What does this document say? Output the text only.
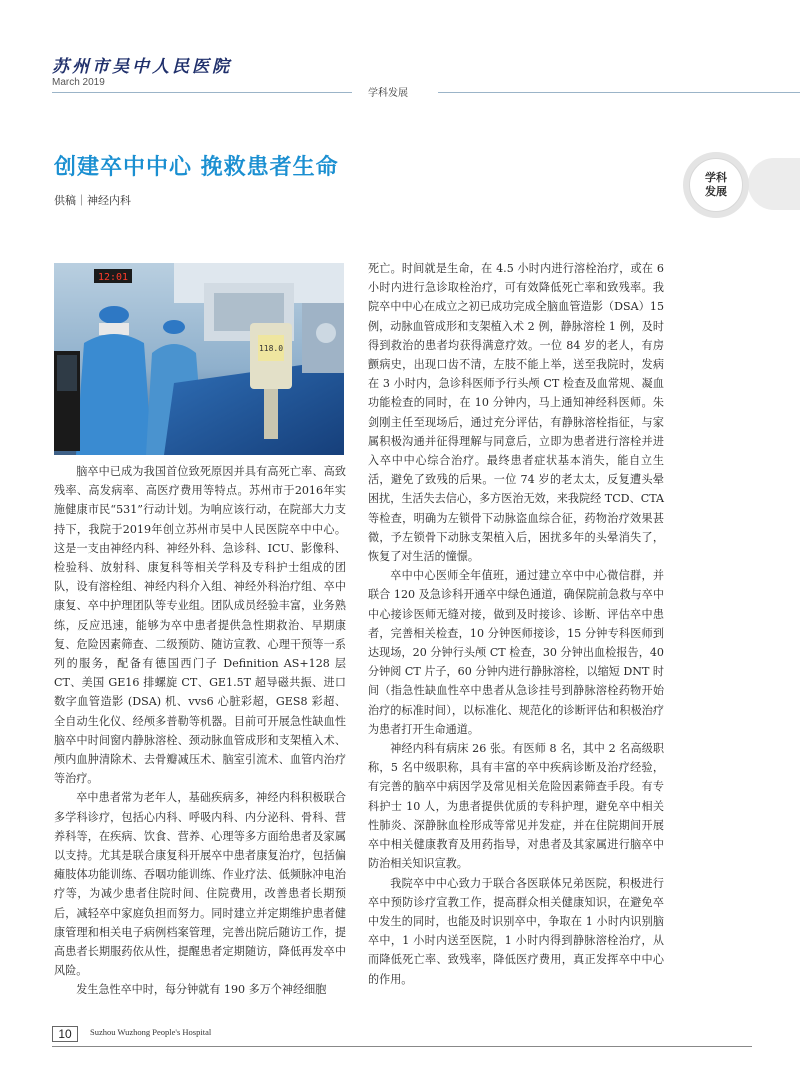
苏州市吴中人民医院
March 2019
学科发展
学科
发展
创建卒中中心 挽救患者生命
供稿｜神经内科
12:01
118.0

脑卒中已成为我国首位致死原因并具有高死亡率、高致残率、高发病率、高医疗费用等特点。苏州市于2016年实施健康市民“531”行动计划。为响应该行动，在院部大力支持下，我院于2019年创立苏州市吴中人民医院卒中中心。这是一支由神经内科、神经外科、急诊科、ICU、影像科、检验科、放射科、康复科等相关学科及专科护士组成的团队，设有溶栓组、神经内科介入组、神经外科治疗组、卒中康复、卒中护理团队等专业组。团队成员经验丰富，业务熟练，反应迅速，能够为卒中患者提供急性期救治、早期康复、危险因素筛查、二级预防、随访宣教、心理干预等一系列的服务，配备有德国西门子 Definition AS+128 层 CT、美国 GE16 排螺旋 CT、GE1.5T 超导磁共振、进口数字血管造影 (DSA) 机、vvs6 心脏彩超，GES8 彩超、全自动生化仪、经颅多普勒等机器。目前可开展急性缺血性脑卒中时间窗内静脉溶栓、颈动脉血管成形和支架植入术、颅内血肿清除术、去骨瓣减压术、脑室引流术、血管内治疗等治疗。

卒中患者常为老年人，基础疾病多，神经内科积极联合多学科诊疗，包括心内科、呼吸内科、内分泌科、骨科、营养科等，在疾病、饮食、营养、心理等多方面给患者及家属以支持。尤其是联合康复科开展卒中患者康复治疗，包括偏瘫肢体功能训练、吞咽功能训练、作业疗法、低频脉冲电治疗等，为减少患者住院时间、住院费用，改善患者长期预后，减轻卒中家庭负担而努力。同时建立并定期维护患者健康管理和相关电子病例档案管理，完善出院后随访工作，提高患者长期服药依从性，提醒患者定期随访，降低再发卒中风险。

发生急性卒中时，每分钟就有 190 多万个神经细胞

死亡。时间就是生命，在 4.5 小时内进行溶栓治疗，或在 6 小时内进行急诊取栓治疗，可有效降低死亡率和致残率。我院卒中中心在成立之初已成功完成全脑血管造影（DSA）15 例，动脉血管成形和支架植入术 2 例，静脉溶栓 1 例，及时得到救治的患者均获得满意疗效。一位 84 岁的老人，有房颤病史，出现口齿不清，左肢不能上举，送至我院时，发病在 3 小时内，急诊科医师予行头颅 CT 检查及血常规、凝血功能检查的同时，在 10 分钟内，马上通知神经科医师。朱剑刚主任至现场后，通过充分评估，有静脉溶栓指征，与家属积极沟通并征得理解与同意后，立即为患者进行溶栓并进入卒中中心综合治疗。最终患者症状基本消失，能自立生活，避免了致残的后果。一位 74 岁的老太太，反复遭头晕困扰，生活失去信心，多方医治无效，来我院经 TCD、CTA 等检查，明确为左锁骨下动脉盗血综合征，药物治疗效果甚微，予左锁骨下动脉支架植入后，困扰多年的头晕消失了，恢复了对生活的憧憬。

卒中中心医师全年值班，通过建立卒中中心微信群，并联合 120 及急诊科开通卒中绿色通道，确保院前急救与卒中中心接诊医师无缝对接，做到及时接诊、诊断、评估卒中患者，完善相关检查，10 分钟医师接诊，15 分钟专科医师到达现场，20 分钟行头颅 CT 检查，30 分钟出血检报告，40 分钟阅 CT 片子，60 分钟内进行静脉溶栓，以缩短 DNT 时间（指急性缺血性卒中患者从急诊挂号到静脉溶栓药物开始治疗的标准时间），以标准化、规范化的诊断评估和积极治疗为患者打开生命通道。

神经内科有病床 26 张。有医师 8 名，其中 2 名高级职称，5 名中级职称，具有丰富的卒中疾病诊断及治疗经验，有完善的脑卒中病因学及常见相关危险因素筛查手段。有专科护士 10 人，为患者提供优质的专科护理，避免卒中相关性肺炎、深静脉血栓形成等常见并发症，并在住院期间开展卒中相关健康教育及用药指导，对患者及其家属进行脑卒中防治相关知识宣教。

我院卒中中心致力于联合各医联体兄弟医院，积极进行卒中预防诊疗宣教工作，提高群众相关健康知识，在避免卒中发生的同时，也能及时识别卒中，争取在 1 小时内识别脑卒中，1 小时内送至医院，1 小时内得到静脉溶栓治疗，从而降低死亡率、致残率，降低医疗费用，真正发挥卒中中心的作用。

10	Suzhou Wuzhong People's Hospital
